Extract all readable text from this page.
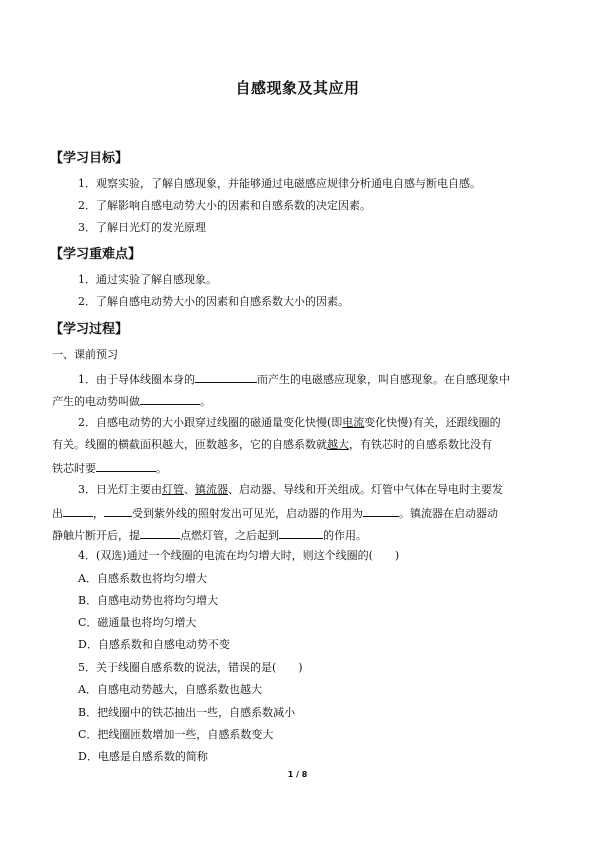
自感现象及其应用
【学习目标】
1．观察实验，了解自感现象，并能够通过电磁感应规律分析通电自感与断电自感。
2．了解影响自感电动势大小的因素和自感系数的决定因素。
3．了解日光灯的发光原理
【学习重难点】
1．通过实验了解自感现象。
2．了解自感电动势大小的因素和自感系数大小的因素。
【学习过程】
一、课前预习
1．由于导体线圈本身的	而产生的电磁感应现象，叫自感现象。在自感现象中
产生的电动势叫做	。
2．自感电动势的大小跟穿过线圈的磁通量变化快慢(即电流变化快慢)有关，还跟线圈的
有关。线圈的横截面积越大，匝数越多，它的自感系数就越大，有铁芯时的自感系数比没有
铁芯时要	。
3．日光灯主要由灯管、镇流器、启动器、导线和开关组成。灯管中气体在导电时主要发
出	，	受到紫外线的照射发出可见光，启动器的作用为	。镇流器在启动器动
静触片断开后，提	点燃灯管，之后起到	的作用。
4．(双选)通过一个线圈的电流在均匀增大时，则这个线圈的(　　)
A．自感系数也将均匀增大
B．自感电动势也将均匀增大
C．磁通量也将均匀增大
D．自感系数和自感电动势不变
5．关于线圈自感系数的说法，错误的是(　　)
A．自感电动势越大，自感系数也越大
B．把线圈中的铁芯抽出一些，自感系数减小
C．把线圈匝数增加一些，自感系数变大
D．电感是自感系数的简称
1 / 8
